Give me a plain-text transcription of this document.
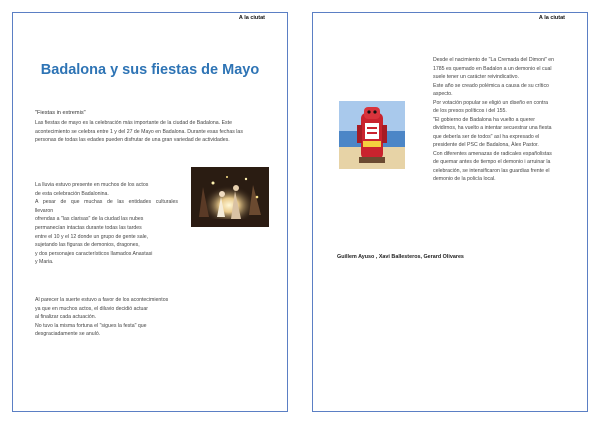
A la ciutat
Badalona y sus fiestas de Mayo
"Fiestas in extremis"
Las fiestas de mayo es la celebración más importante de la ciudad de Badalona. Este
acontecimiento se celebra entre 1 y del 27 de Mayo en Badalona. Durante esas fechas las
personas de todas las edades pueden disfrutar de una gran variedad de actividades.
La lluvia estuvo presente en muchos de los actos
de esta celebración Badalonina.
A pesar de que muchas de las entidades culturales
llevaron
ofrendas a "las clarisas" de la ciudad las nubes
permanecían intactas durante todas las tardes
entre el 10 y el 12 donde un grupo de gente sale,
sujetando las figuras de demonios, dragones,
y dos personajes característicos llamados Anastasi
y Maria.
Al parecer la suerte estuvo a favor de los acontecimientos
ya que en muchos actos, el diluvio decidió actuar
al finalizar cada actuación.
No tuvo la misma fortuna el "sigues la festa" que
desgraciadamente se anuló.
A la ciutat
Desde el nacimiento de "La Cremada del Dimoni" en
1785 es quemado en Badalon a un demonio el cual
suele tener un carácter reivindicativo.
Este año se creado polémica a causa de su crítico
aspecto.
Por votación popular se eligió un diseño en contra
de los presos políticos i del 155.
"El gobierno de Badalona ha vuelto a querer
dividirnos, ha vuelto a intentar secuestrar una fiesta
que debería ser de todos" así ha expresado el
presidente del PSC de Badalona, Àlex Pastor.
Con diferentes amenazas de radicales españolistas
de quemar antes de tiempo el demonio i arruinar la
celebración, se intensificaron las guardias frente el
demonio de la policía local.
Guillem Ayuso , Xavi Ballesteros, Gerard Olivares
